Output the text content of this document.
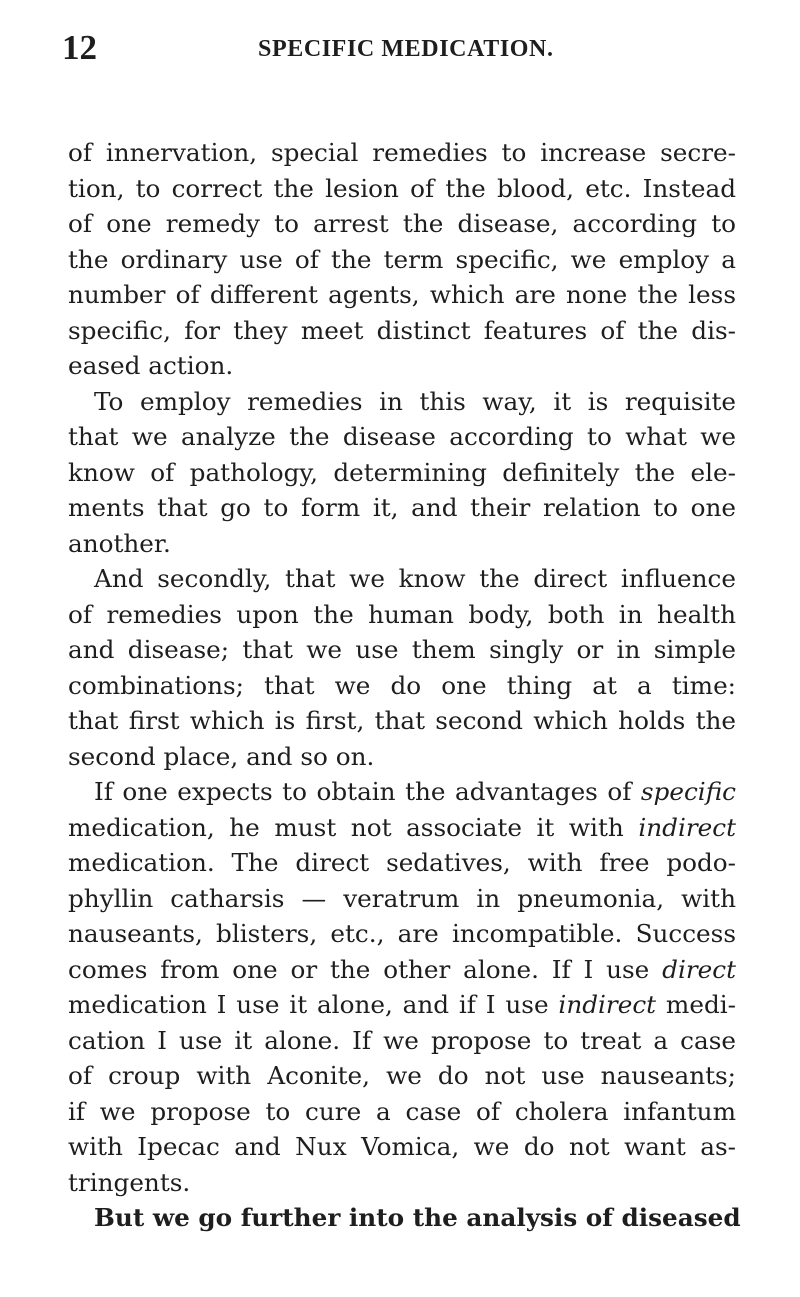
12	SPECIFIC MEDICATION.
of innervation, special remedies to increase secre-
tion, to correct the lesion of the blood, etc. Instead
of one remedy to arrest the disease, according to
the ordinary use of the term specific, we employ a
number of different agents, which are none the less
specific, for they meet distinct features of the dis-
eased action.
To employ remedies in this way, it is requisite
that we analyze the disease according to what we
know of pathology, determining definitely the ele-
ments that go to form it, and their relation to one
another.
And secondly, that we know the direct influence
of remedies upon the human body, both in health
and disease; that we use them singly or in simple
combinations; that we do one thing at a time:
that first which is first, that second which holds the
second place, and so on.
If one expects to obtain the advantages of specific
medication, he must not associate it with indirect
medication. The direct sedatives, with free podo-
phyllin catharsis — veratrum in pneumonia, with
nauseants, blisters, etc., are incompatible. Success
comes from one or the other alone. If I use direct
medication I use it alone, and if I use indirect medi-
cation I use it alone. If we propose to treat a case
of croup with Aconite, we do not use nauseants;
if we propose to cure a case of cholera infantum
with Ipecac and Nux Vomica, we do not want as-
tringents.
But we go further into the analysis of diseased
